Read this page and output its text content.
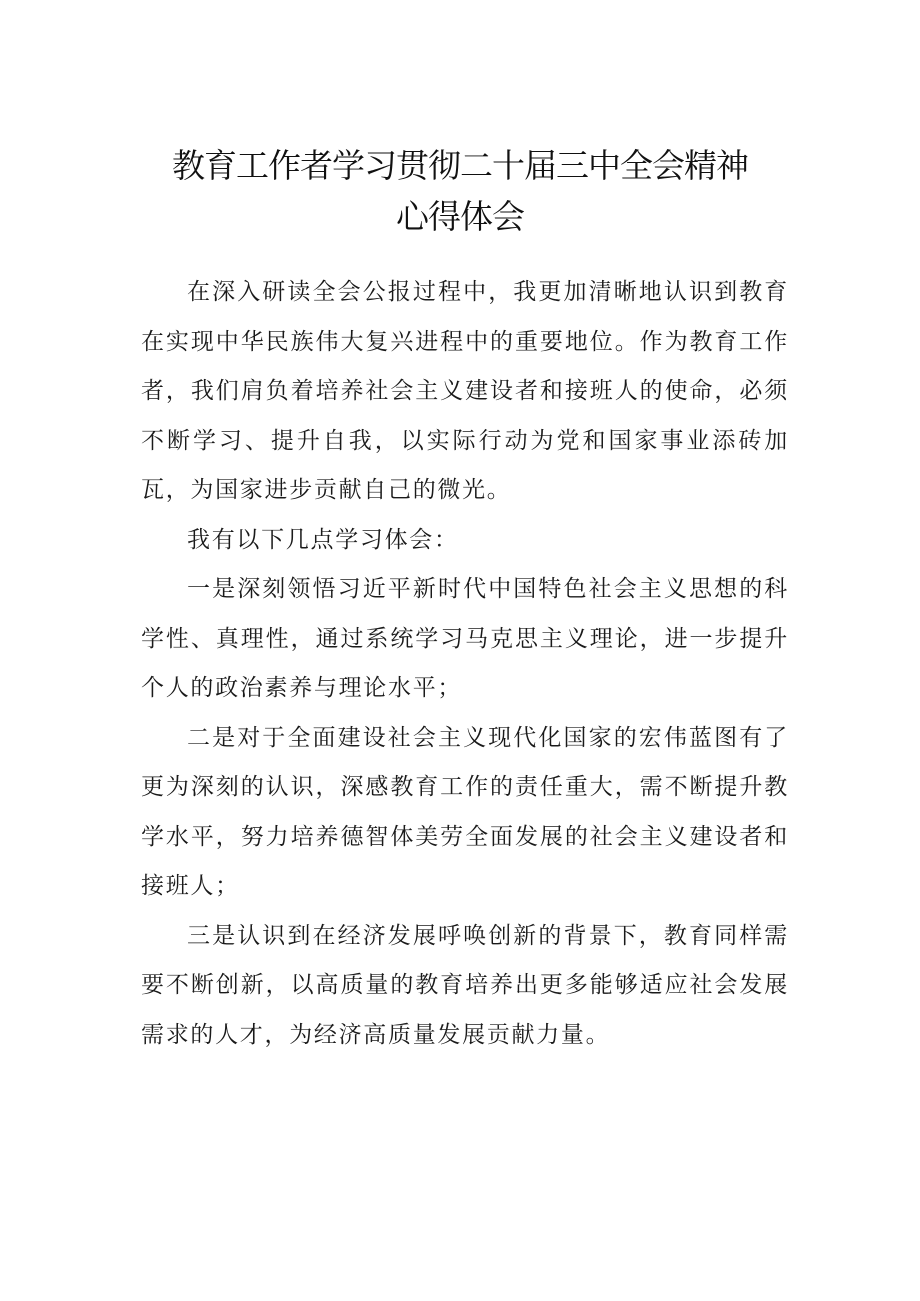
教育工作者学习贯彻二十届三中全会精神
心得体会

在深入研读全会公报过程中，我更加清晰地认识到教育在实现中华民族伟大复兴进程中的重要地位。作为教育工作者，我们肩负着培养社会主义建设者和接班人的使命，必须不断学习、提升自我，以实际行动为党和国家事业添砖加瓦，为国家进步贡献自己的微光。

我有以下几点学习体会：

一是深刻领悟习近平新时代中国特色社会主义思想的科学性、真理性，通过系统学习马克思主义理论，进一步提升个人的政治素养与理论水平；

二是对于全面建设社会主义现代化国家的宏伟蓝图有了更为深刻的认识，深感教育工作的责任重大，需不断提升教学水平，努力培养德智体美劳全面发展的社会主义建设者和接班人；

三是认识到在经济发展呼唤创新的背景下，教育同样需要不断创新，以高质量的教育培养出更多能够适应社会发展需求的人才，为经济高质量发展贡献力量。
